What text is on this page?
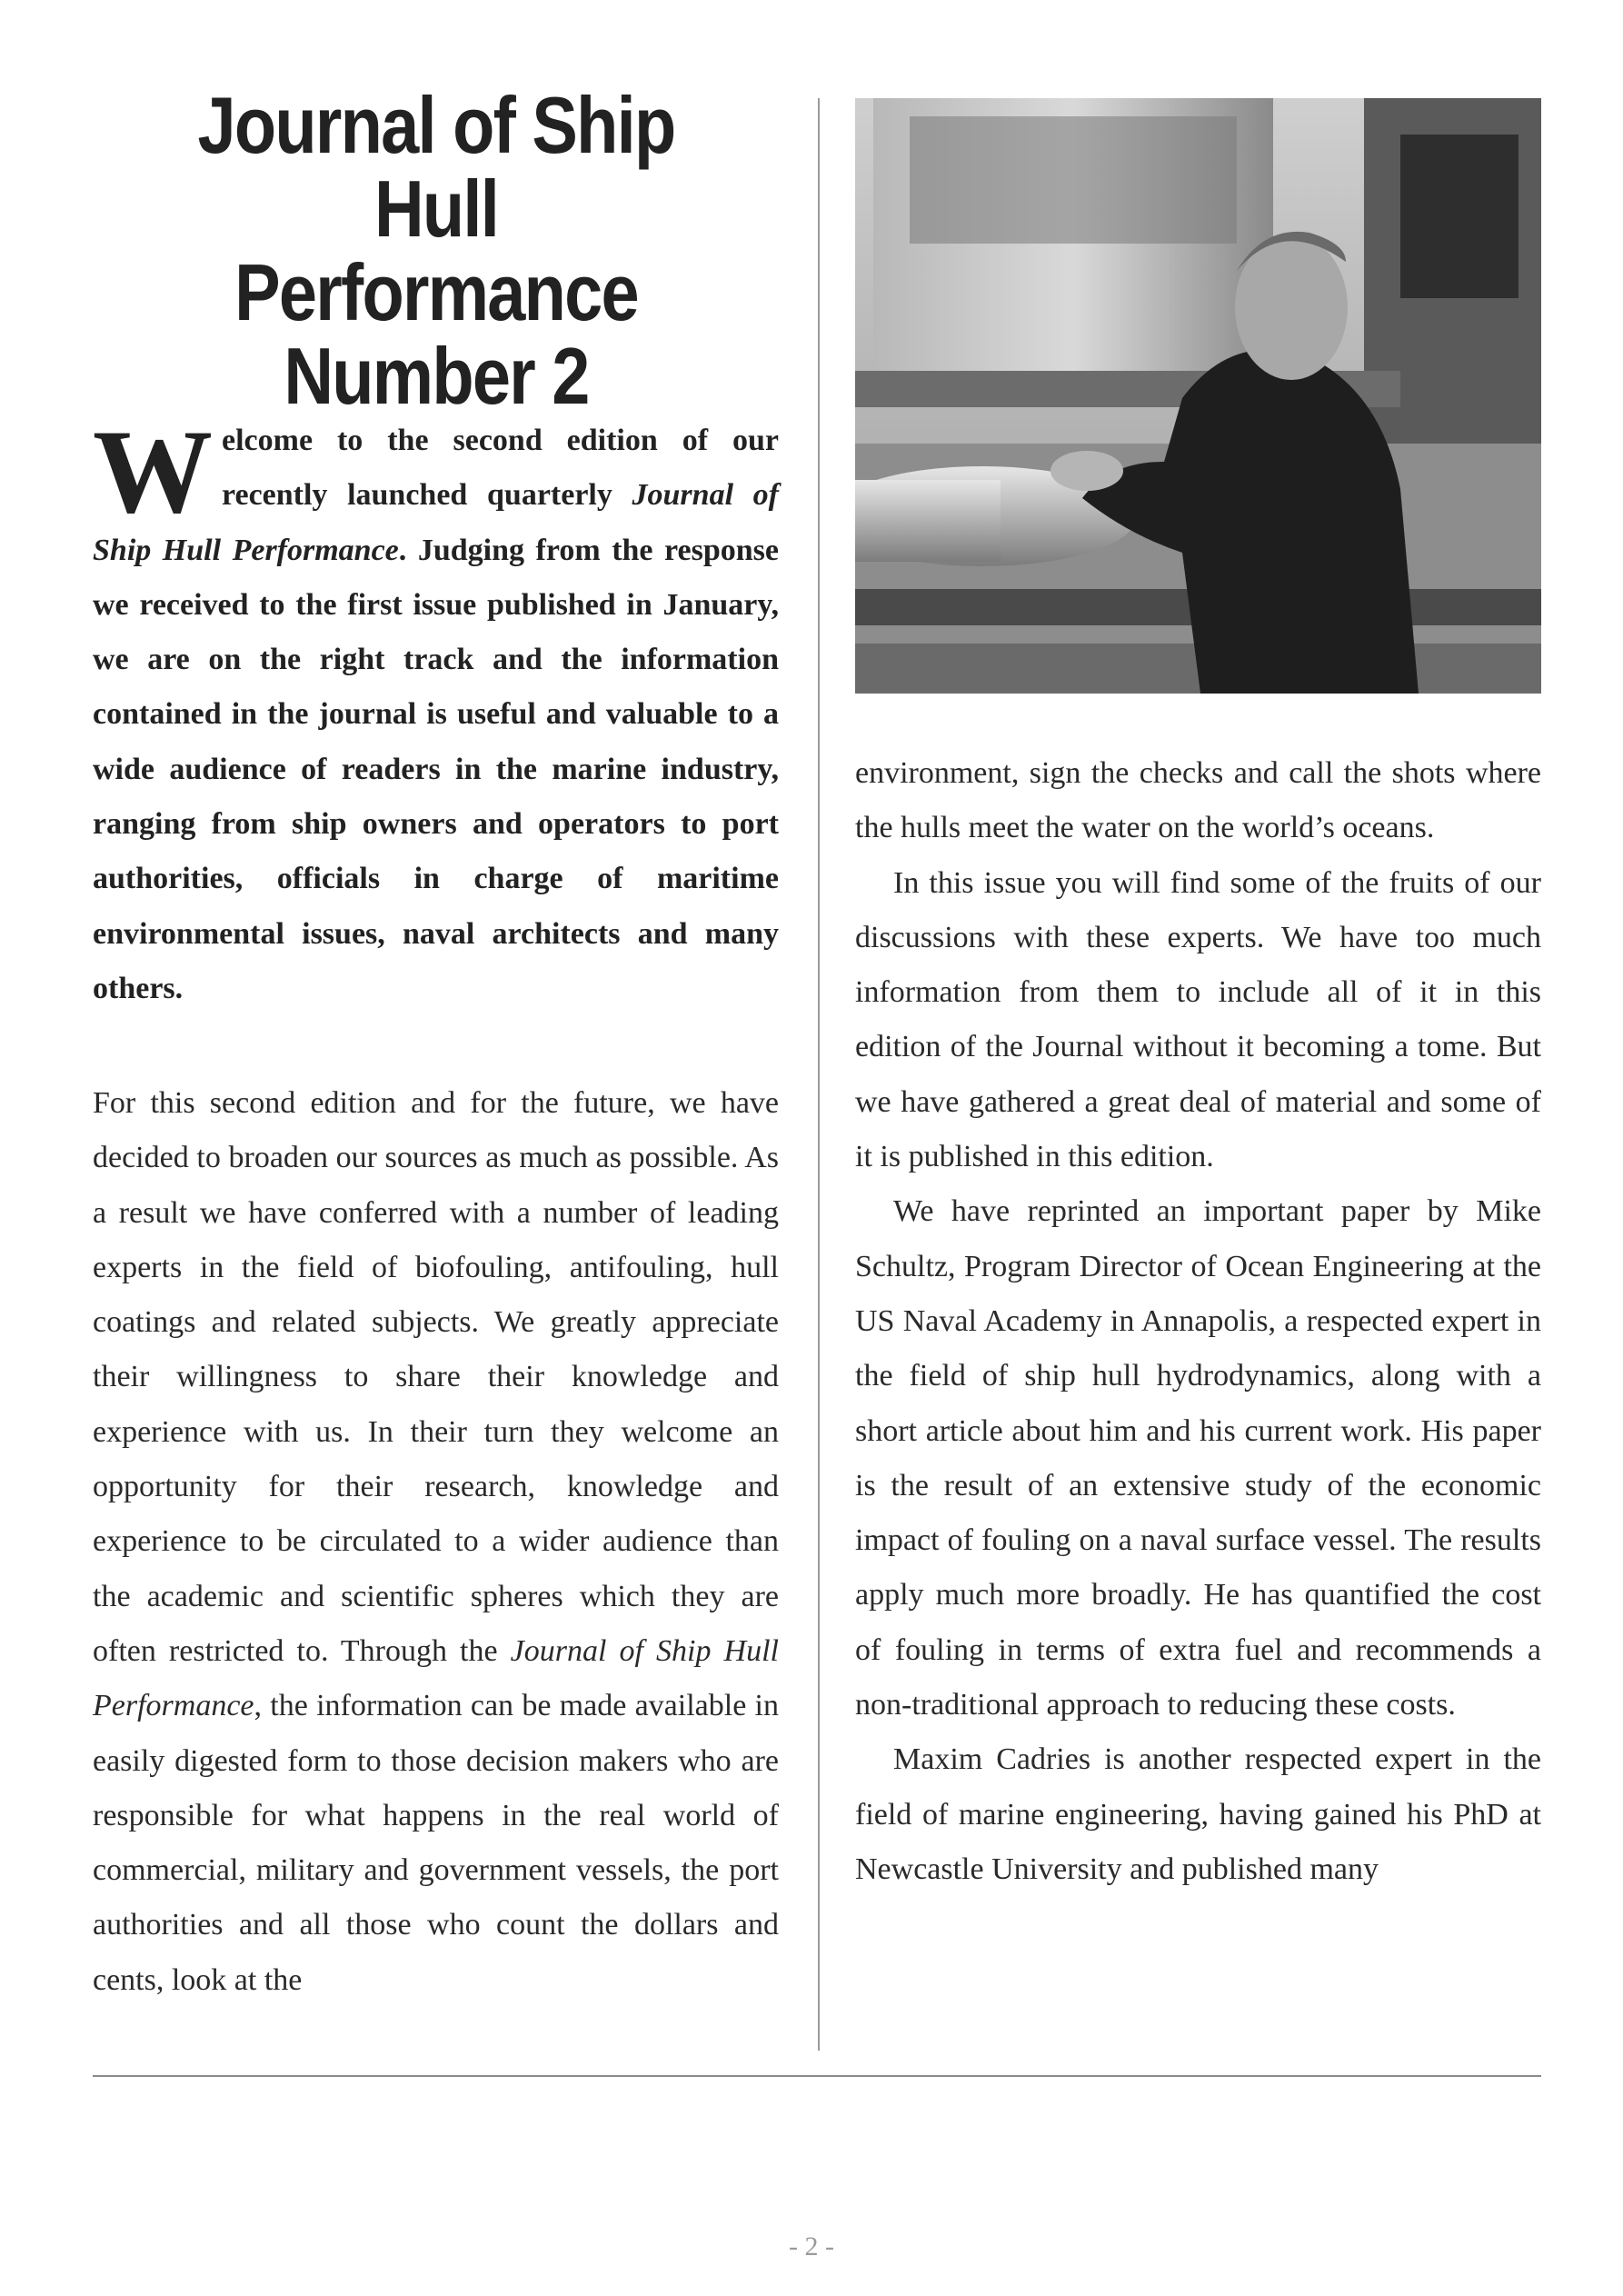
Journal of Ship Hull
Performance
Number 2

Welcome to the second edition of our recently launched quarterly Journal of Ship Hull Performance. Judging from the response we received to the first issue published in January, we are on the right track and the information contained in the journal is useful and valuable to a wide audience of readers in the marine industry, ranging from ship owners and operators to port authorities, officials in charge of maritime environmental issues, naval architects and many others.

For this second edition and for the future, we have decided to broaden our sources as much as possible. As a result we have conferred with a number of leading experts in the field of biofouling, antifouling, hull coatings and related subjects. We greatly appreciate their willingness to share their knowledge and experience with us. In their turn they welcome an opportunity for their research, knowledge and experience to be circulated to a wider audience than the academic and scientific spheres which they are often restricted to. Through the Journal of Ship Hull Performance, the information can be made available in easily digested form to those decision makers who are responsible for what happens in the real world of commercial, military and government vessels, the port authorities and all those who count the dollars and cents, look at the

environment, sign the checks and call the shots where the hulls meet the water on the world’s oceans.

In this issue you will find some of the fruits of our discussions with these experts. We have too much information from them to include all of it in this edition of the Journal without it becoming a tome. But we have gathered a great deal of material and some of it is published in this edition.

We have reprinted an important paper by Mike Schultz, Program Director of Ocean Engineering at the US Naval Academy in Annapolis, a respected expert in the field of ship hull hydrodynamics, along with a short article about him and his current work. His paper is the result of an extensive study of the economic impact of fouling on a naval surface vessel. The results apply much more broadly. He has quantified the cost of fouling in terms of extra fuel and recommends a non-traditional approach to reducing these costs.

Maxim Cadries is another respected expert in the field of marine engineering, having gained his PhD at Newcastle University and published many

- 2 -
